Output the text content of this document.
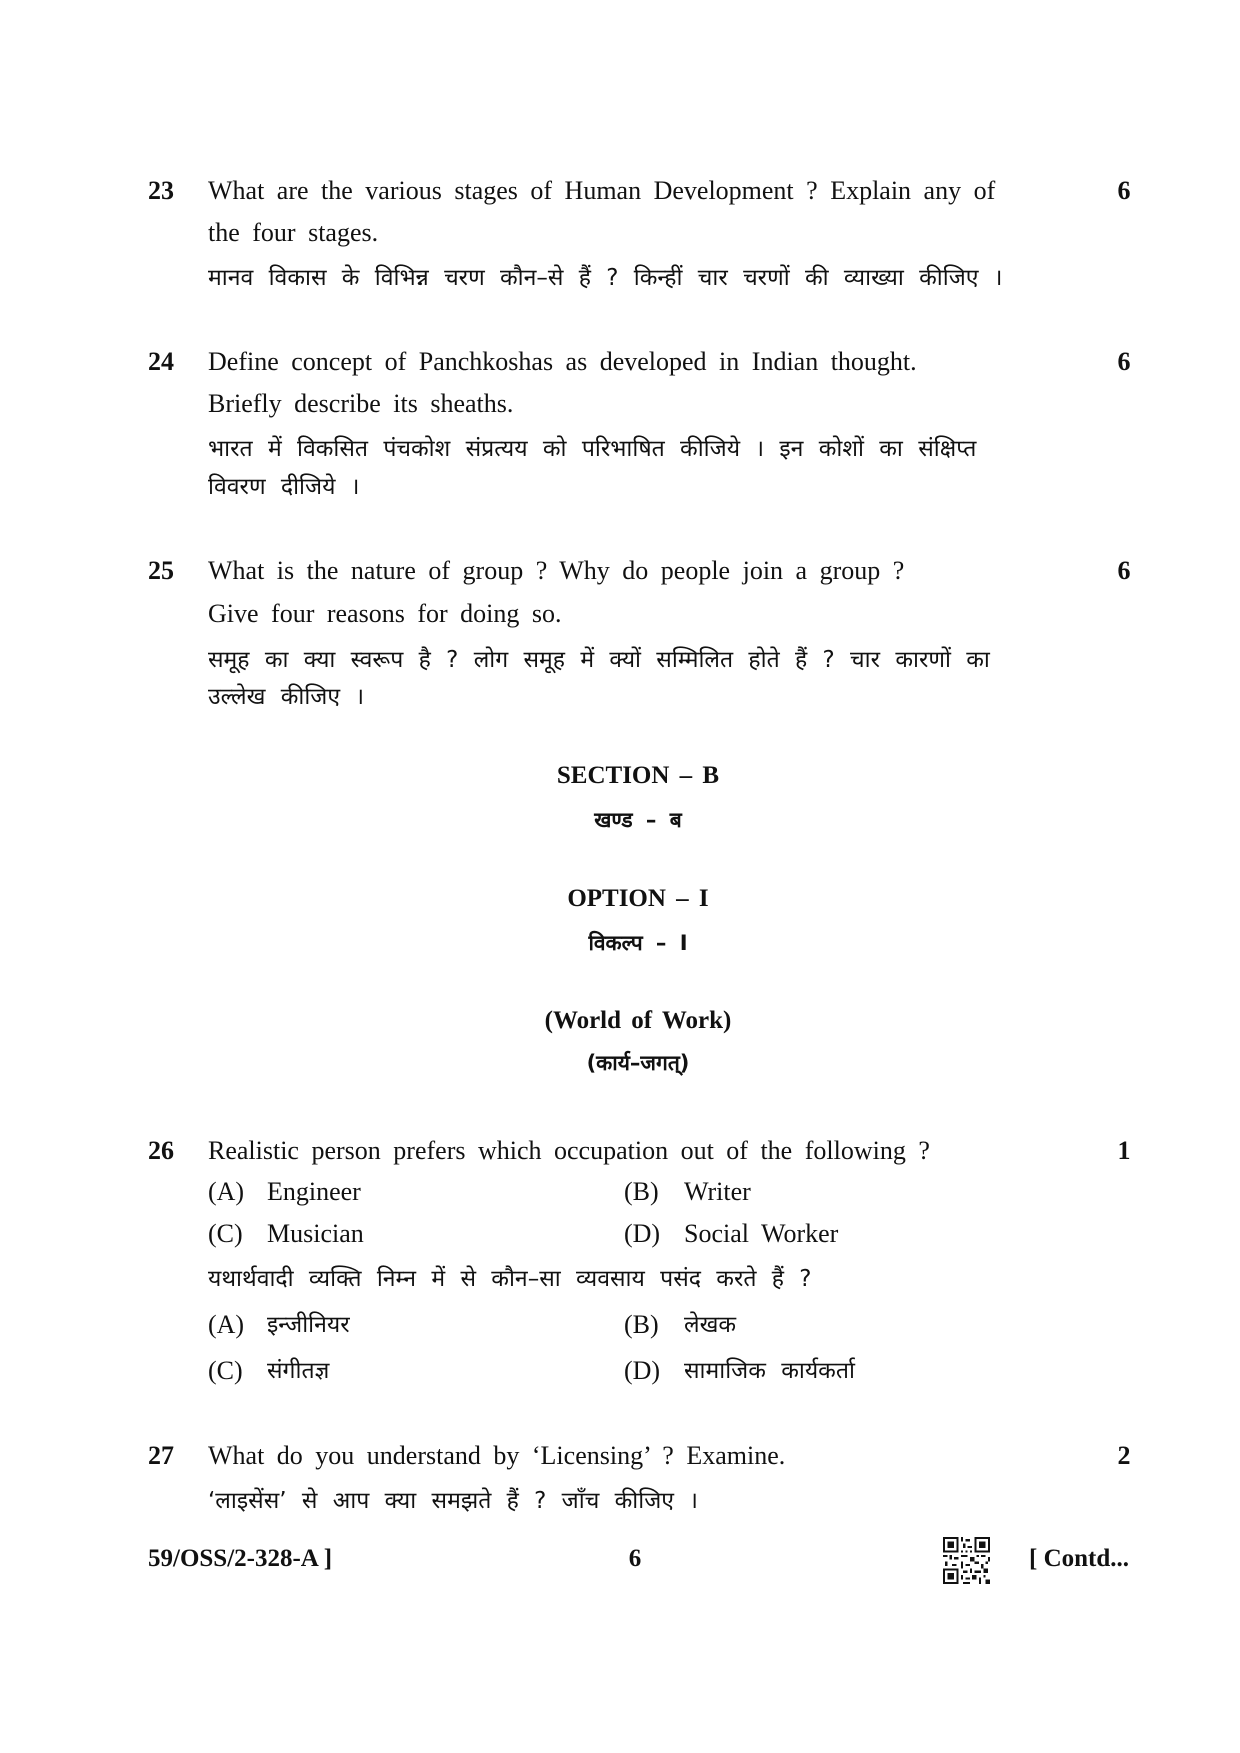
23 What are the various stages of Human Development ? Explain any of
the four stages.
मानव विकास के विभिन्न चरण कौन–से हैं ? किन्हीं चार चरणों की व्याख्या कीजिए ।
6
24 Define concept of Panchkoshas as developed in Indian thought.
Briefly describe its sheaths.
भारत में विकसित पंचकोश संप्रत्यय को परिभाषित कीजिये । इन कोशों का संक्षिप्त
विवरण दीजिये ।
6
25 What is the nature of group ? Why do people join a group ?
Give four reasons for doing so.
समूह का क्या स्वरूप है ? लोग समूह में क्यों सम्मिलित होते हैं ? चार कारणों का
उल्लेख कीजिए ।
6
SECTION – B
खण्ड – ब
OPTION – I
विकल्प – I
(World of Work)
(कार्य–जगत्)
26 Realistic person prefers which occupation out of the following ?	1
(A) Engineer	(B) Writer
(C) Musician	(D) Social Worker
यथार्थवादी व्यक्ति निम्न में से कौन–सा व्यवसाय पसंद करते हैं ?
(A) इन्जीनियर	(B) लेखक
(C) संगीतज्ञ	(D) सामाजिक कार्यकर्ता
27 What do you understand by ‘Licensing’ ? Examine.
‘लाइसेंस’ से आप क्या समझते हैं ? जाँच कीजिए ।
2
59/OSS/2-328-A ]	6	[ Contd...
